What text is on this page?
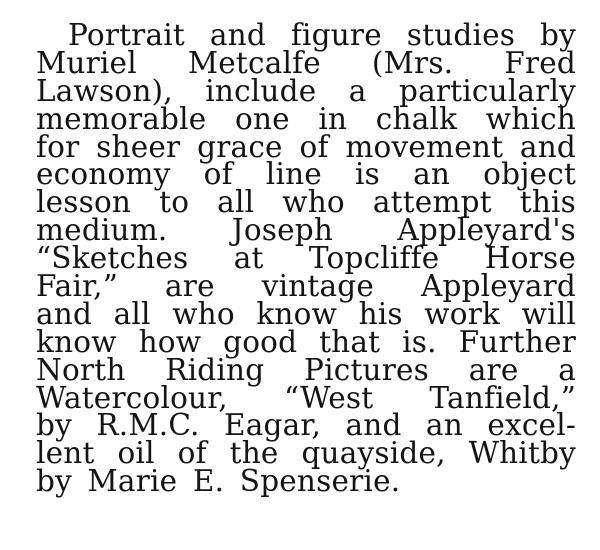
Portrait and figure studies by
Muriel Metcalfe (Mrs. Fred
Lawson), include a particularly
memorable one in chalk which
for sheer grace of movement and
economy of line is an object
lesson to all who attempt this
medium. Joseph Appleyard's
“Sketches at Topcliffe Horse
Fair,” are vintage Appleyard
and all who know his work will
know how good that is. Further
North Riding Pictures are a
Watercolour, “West Tanfield,”
by R.M.C. Eagar, and an excel-
lent oil of the quayside, Whitby
by Marie E. Spenserie.
